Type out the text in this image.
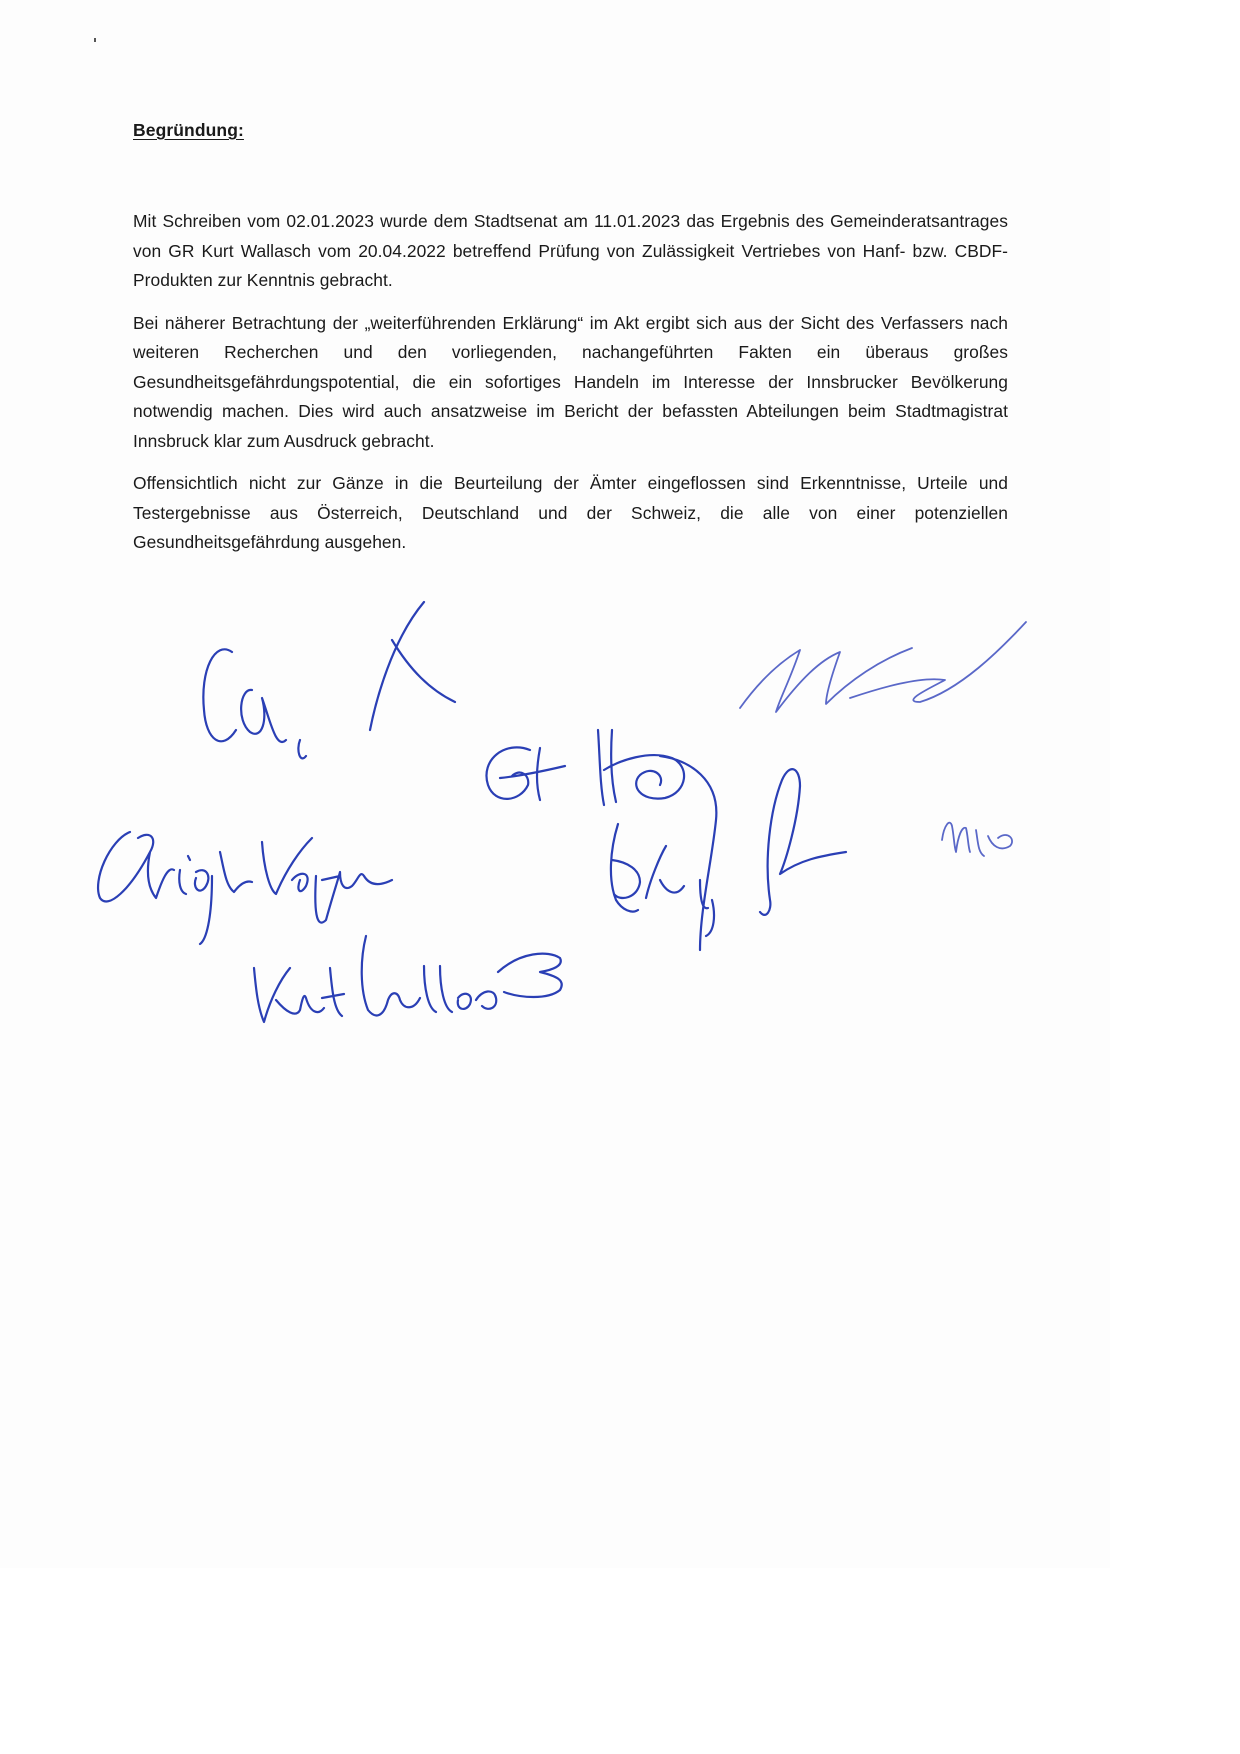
Begründung:

Mit Schreiben vom 02.01.2023 wurde dem Stadtsenat am 11.01.2023 das Ergebnis des Gemeinderatsantrages von GR Kurt Wallasch vom 20.04.2022 betreffend Prüfung von Zulässigkeit Vertriebes von Hanf- bzw. CBDF-Produkten zur Kenntnis gebracht.

Bei näherer Betrachtung der „weiterführenden Erklärung“ im Akt ergibt sich aus der Sicht des Verfassers nach weiteren Recherchen und den vorliegenden, nachangeführten Fakten ein überaus großes Gesundheitsgefährdungspotential, die ein sofortiges Handeln im Interesse der Innsbrucker Bevölkerung notwendig machen. Dies wird auch ansatzweise im Bericht der befassten Abteilungen beim Stadtmagistrat Innsbruck klar zum Ausdruck gebracht.

Offensichtlich nicht zur Gänze in die Beurteilung der Ämter eingeflossen sind Erkenntnisse, Urteile und Testergebnisse aus Österreich, Deutschland und der Schweiz, die alle von einer potenziellen Gesundheitsgefährdung ausgehen.
